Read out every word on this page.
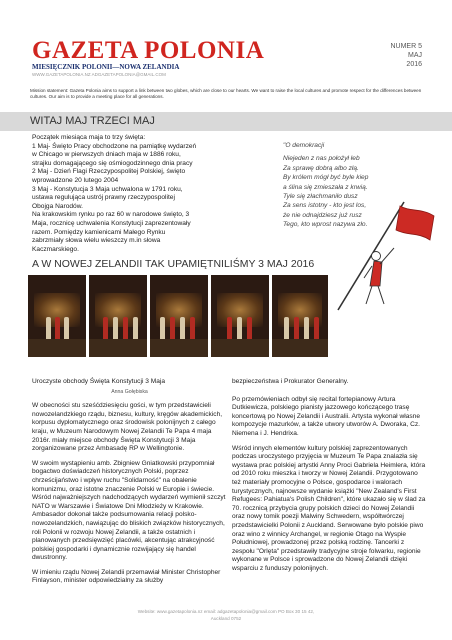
GAZETA POLONIA
MIESIĘCZNIK POLONII—NOWA ZELANDIA
WWW.GAZETAPOLONIA.NZ ADGAZETAPOLONIA@GMAIL.COM
NUMER 5
MAJ
2016
Mission statement: Gazeta Polonia aims to support a link between two globes, which are close to our hearts. We want to raise the local cultures and promote respect for the differences between cultures. Our aim is to provide a meeting place for all generations.
WITAJ MAJ TRZECI MAJ
Początek miesiąca maja to trzy święta:
1 Maj- Święto Pracy obchodzone na pamiątkę wydarzeń
w Chicago w pierwszych dniach maja w 1886 roku,
strajku domagającego się ośmiogodzinnego dnia pracy
2 Maj - Dzień Flagi Rzeczypospolitej Polskiej, święto
wprowadzone 20 lutego 2004
3 Maj - Konstytucja 3 Maja uchwalona w 1791 roku,
ustawa regulująca ustrój prawny rzeczypospolitej
Obojga Narodów.
Na krakowskim rynku po raz 60 w narodowe święto, 3
Maja, rocznicę uchwalenia Konstytucji zaprezentowały
razem. Pomiędzy kamienicami Małego Rynku
zabrzmiały słowa wielu wieszczy m.in słowa
Kaczmarskiego.
"O demokracji
Niejeden z nas położył łeb
Za sprawę dobrą albo złą.
By królem mógł być byle kiep
a ślina się zmieszała z krwią.
Tyle się złachmaniło dusz
Za sens istotny - kto jest los,
że nie odnajdziesz już rusz
Tego, kto wprost nazywa zło.
A W NOWEJ ZELANDII TAK UPAMIĘTNILIŚMY 3 MAJ 2016
Uroczyste obchody Święta Konstytucji 3 Maja
Anna Gołębiska
W obecności stu sześćdziesięciu gości, w tym przedstawicieli nowozelandzkiego rządu, biznesu, kultury, kręgów akademickich, korpusu dyplomatycznego oraz środowisk polonijnych z całego kraju, w Muzeum Narodowym Nowej Zelandii Te Papa 4 maja 2016r. miały miejsce obchody Święta Konstytucji 3 Maja zorganizowane przez Ambasadę RP w Wellingtonie.
W swoim wystąpieniu amb. Zbigniew Gniatkowski przypomniał bogactwo doświadczeń historycznych Polski, poprzez chrześcijaństwo i wpływ ruchu "Solidarność" na obalenie komunizmu, oraz istotne znaczenie Polski w Europie i świecie. Wśród najważniejszych nadchodzących wydarzeń wymienił szczyt NATO w Warszawie i Światowe Dni Młodzieży w Krakowie. Ambasador dokonał także podsumowania relacji polsko-nowozelandzkich, nawiązując do bliskich związków historycznych, roli Polonii w rozwoju Nowej Zelandii, a także ostatnich i planowanych przedsięwzięć placówki, akcentując atrakcyjność polskiej gospodarki i dynamicznie rozwijający się handel dwustronny.
W imieniu rządu Nowej Zelandii przemawiał Minister Christopher Finlayson, minister odpowiedzialny za służby
bezpieczeństwa i Prokurator Generalny.
Po przemówieniach odbył się recital fortepianowy Artura Dutkiewicza, polskiego pianisty jazzowego kończącego trasę koncertową po Nowej Zelandii i Australii. Artysta wykonał własne kompozycje mazurków, a także utwory utworów A. Dworaka, Cz. Niemena i J. Hendrixa.
Wśród innych elementów kultury polskiej zaprezentowanych podczas uroczystego przyjęcia w Muzeum Te Papa znalazła się wystawa prac polskiej artystki Anny Proci Gabriela Heimlera, która od 2010 roku mieszka i tworzy w Nowej Zelandii. Przygotowano też materiały promocyjne o Polsce, gospodarce i walorach turystycznych, najnowsze wydanie książki "New Zealand's First Refugees: Pahiatua's Polish Children", które ukazało się w ślad za 70. rocznicą przybycia grupy polskich dzieci do Nowej Zelandii oraz nowy tomik poezji Malwiny Schwedern, współtwórczej przedstawicielki Polonii z Auckland. Serwowane było polskie piwo oraz wino z winnicy Archangel, w regionie Otago na Wyspie Południowej, prowadzonej przez polską rodzinę. Tancerki z zespołu "Orlęta" przedstawiły tradycyjne stroje folwarku, regionie wykonane w Polsce i sprowadzone do Nowej Zelandii dzięki wsparciu z funduszy polonijnych.
Website: www.gazetapolonia.nz email: adgazetapolonia@gmail.com PO Box 30 15 42,
Auckland 0752
